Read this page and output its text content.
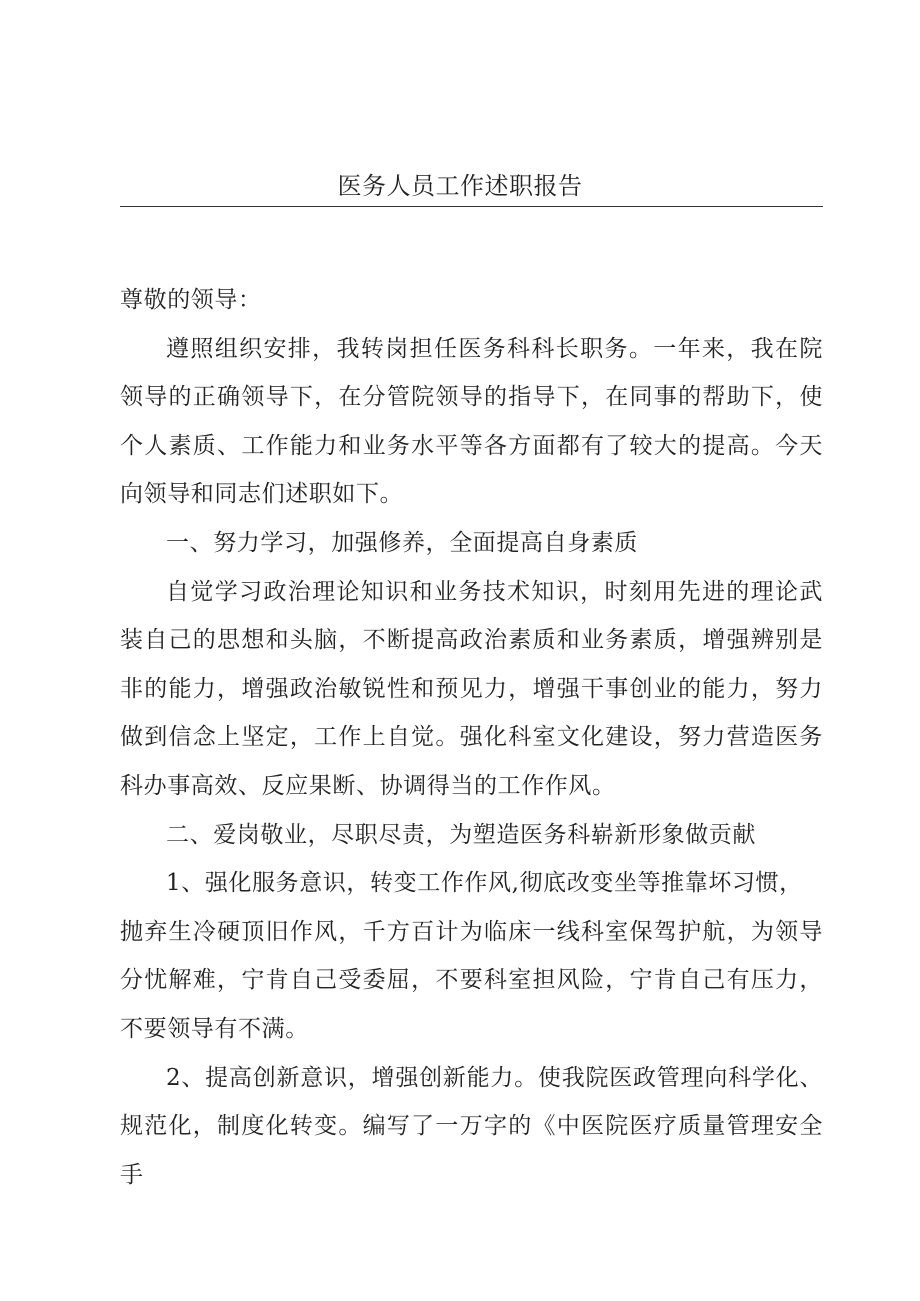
医务人员工作述职报告

尊敬的领导：

遵照组织安排，我转岗担任医务科科长职务。一年来，我在院领导的正确领导下，在分管院领导的指导下，在同事的帮助下，使个人素质、工作能力和业务水平等各方面都有了较大的提高。今天向领导和同志们述职如下。

一、努力学习，加强修养，全面提高自身素质

自觉学习政治理论知识和业务技术知识，时刻用先进的理论武装自己的思想和头脑，不断提高政治素质和业务素质，增强辨别是非的能力，增强政治敏锐性和预见力，增强干事创业的能力，努力做到信念上坚定，工作上自觉。强化科室文化建设，努力营造医务科办事高效、反应果断、协调得当的工作作风。

二、爱岗敬业，尽职尽责，为塑造医务科崭新形象做贡献

1、强化服务意识，转变工作作风,彻底改变坐等推靠坏习惯，

抛弃生冷硬顶旧作风，千方百计为临床一线科室保驾护航，为领导分忧解难，宁肯自己受委屈，不要科室担风险，宁肯自己有压力，不要领导有不满。

2、提高创新意识，增强创新能力。使我院医政管理向科学化、规范化，制度化转变。编写了一万字的《中医院医疗质量管理安全手
